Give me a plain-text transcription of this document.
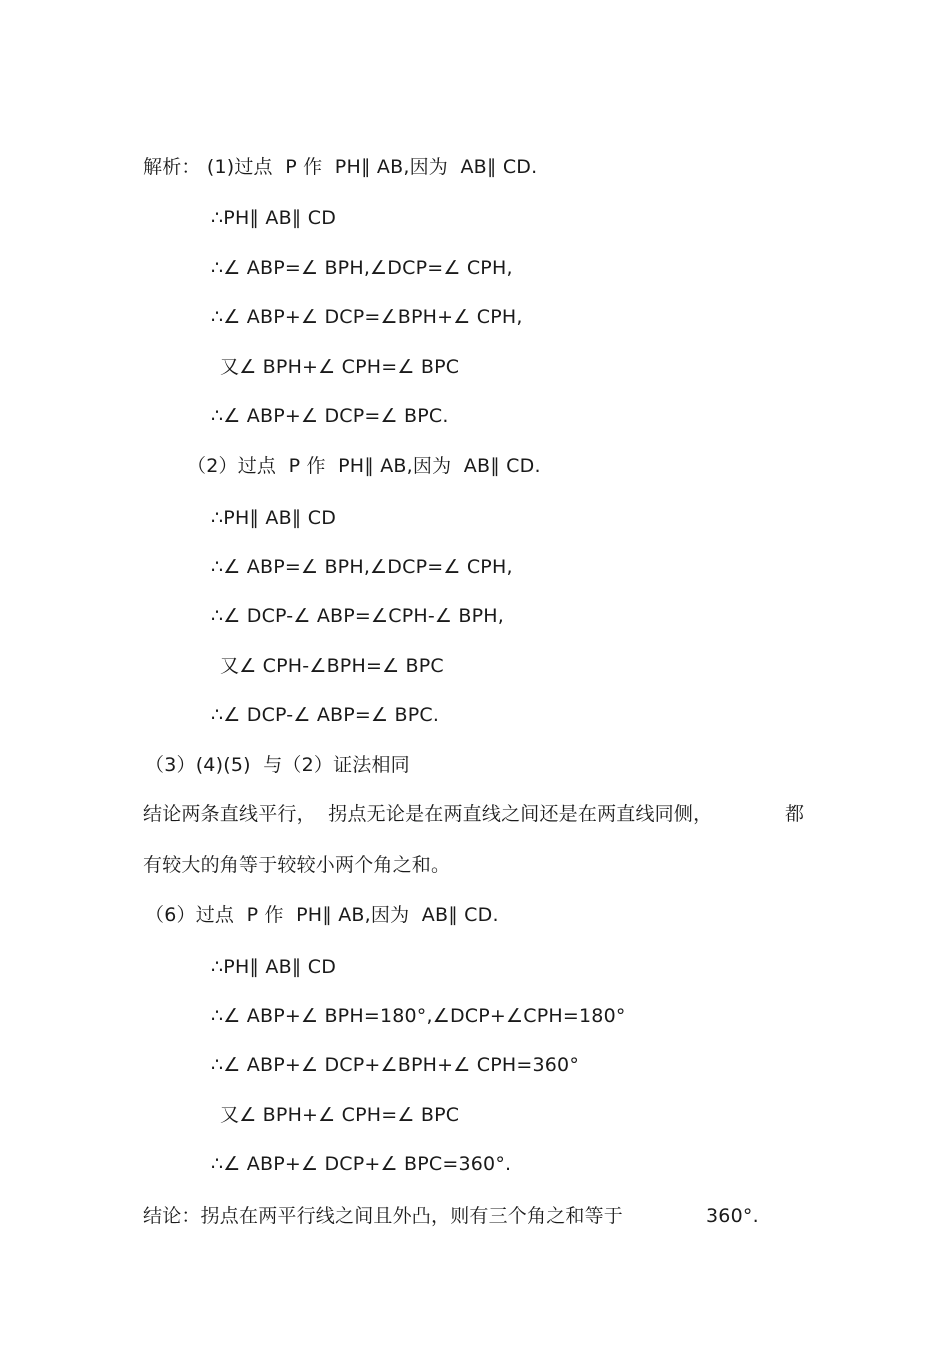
解析： (1)过点  P 作  PH∥ AB,因为  AB∥ CD.
∴PH∥ AB∥ CD
∴∠ ABP=∠ BPH,∠DCP=∠ CPH,
∴∠ ABP+∠ DCP=∠BPH+∠ CPH,
又∠ BPH+∠ CPH=∠ BPC
∴∠ ABP+∠ DCP=∠ BPC.
（2）过点  P 作  PH∥ AB,因为  AB∥ CD.
∴PH∥ AB∥ CD
∴∠ ABP=∠ BPH,∠DCP=∠ CPH,
∴∠ DCP-∠ ABP=∠CPH-∠ BPH,
又∠ CPH-∠BPH=∠ BPC
∴∠ DCP-∠ ABP=∠ BPC.
（3）(4)(5)  与（2）证法相同
结论两条直线平行，  拐点无论是在两直线之间还是在两直线同侧，	都
有较大的角等于较较小两个角之和。
（6）过点  P 作  PH∥ AB,因为  AB∥ CD.
∴PH∥ AB∥ CD
∴∠ ABP+∠ BPH=180°,∠DCP+∠CPH=180°
∴∠ ABP+∠ DCP+∠BPH+∠ CPH=360°
又∠ BPH+∠ CPH=∠ BPC
∴∠ ABP+∠ DCP+∠ BPC=360°.
结论：拐点在两平行线之间且外凸，则有三个角之和等于	360°.
